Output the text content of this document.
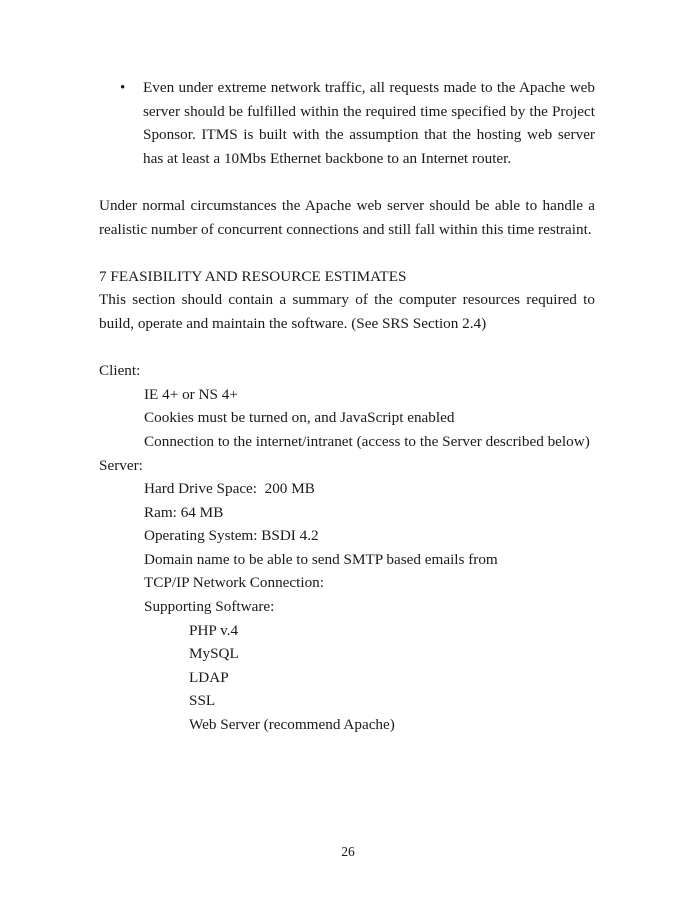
• Even under extreme network traffic, all requests made to the Apache web server should be fulfilled within the required time specified by the Project Sponsor. ITMS is built with the assumption that the hosting web server has at least a 10Mbs Ethernet backbone to an Internet router.

Under normal circumstances the Apache web server should be able to handle a realistic number of concurrent connections and still fall within this time restraint.

7 FEASIBILITY AND RESOURCE ESTIMATES

This section should contain a summary of the computer resources required to build, operate and maintain the software. (See SRS Section 2.4)

Client:
IE 4+ or NS 4+
Cookies must be turned on, and JavaScript enabled
Connection to the internet/intranet (access to the Server described below)
Server:
Hard Drive Space:  200 MB
Ram: 64 MB
Operating System: BSDI 4.2
Domain name to be able to send SMTP based emails from
TCP/IP Network Connection:
Supporting Software:
PHP v.4
MySQL
LDAP
SSL
Web Server (recommend Apache)
26
